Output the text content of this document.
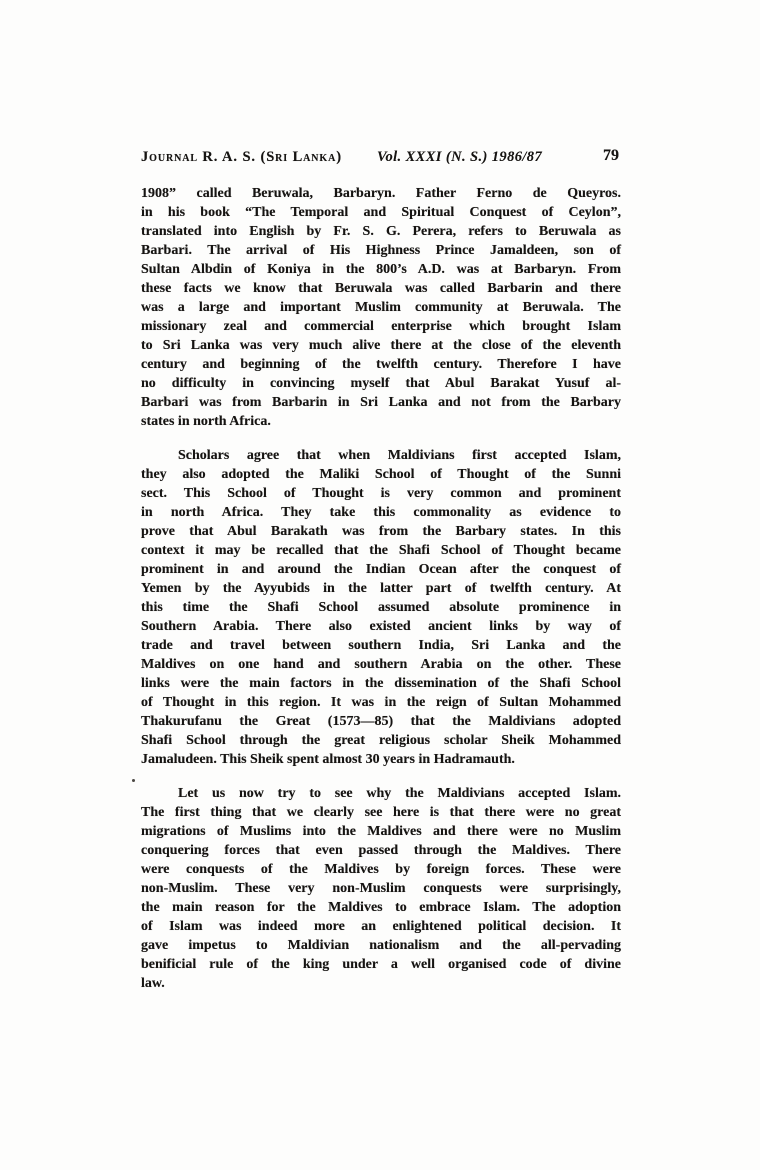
Journal R. A. S. (Sri Lanka) Vol. XXXI (N. S.) 1986/87	79
1908” called Beruwala, Barbaryn. Father Ferno de Queyros.
in his book “The Temporal and Spiritual Conquest of Ceylon”,
translated into English by Fr. S. G. Perera, refers to Beruwala as
Barbari. The arrival of His Highness Prince Jamaldeen, son of
Sultan Albdin of Koniya in the 800’s A.D. was at Barbaryn. From
these facts we know that Beruwala was called Barbarin and there
was a large and important Muslim community at Beruwala. The
missionary zeal and commercial enterprise which brought Islam
to Sri Lanka was very much alive there at the close of the eleventh
century and beginning of the twelfth century. Therefore I have
no difficulty in convincing myself that Abul Barakat Yusuf al-
Barbari was from Barbarin in Sri Lanka and not from the Barbary
states in north Africa.
Scholars agree that when Maldivians first accepted Islam,
they also adopted the Maliki School of Thought of the Sunni
sect. This School of Thought is very common and prominent
in north Africa. They take this commonality as evidence to
prove that Abul Barakath was from the Barbary states. In this
context it may be recalled that the Shafi School of Thought became
prominent in and around the Indian Ocean after the conquest of
Yemen by the Ayyubids in the latter part of twelfth century. At
this time the Shafi School assumed absolute prominence in
Southern Arabia. There also existed ancient links by way of
trade and travel between southern India, Sri Lanka and the
Maldives on one hand and southern Arabia on the other. These
links were the main factors in the dissemination of the Shafi School
of Thought in this region. It was in the reign of Sultan Mohammed
Thakurufanu the Great (1573—85) that the Maldivians adopted
Shafi School through the great religious scholar Sheik Mohammed
Jamaludeen. This Sheik spent almost 30 years in Hadramauth.
Let us now try to see why the Maldivians accepted Islam.
The first thing that we clearly see here is that there were no great
migrations of Muslims into the Maldives and there were no Muslim
conquering forces that even passed through the Maldives. There
were conquests of the Maldives by foreign forces. These were
non-Muslim. These very non-Muslim conquests were surprisingly,
the main reason for the Maldives to embrace Islam. The adoption
of Islam was indeed more an enlightened political decision. It
gave impetus to Maldivian nationalism and the all-pervading
benificial rule of the king under a well organised code of divine
law.
